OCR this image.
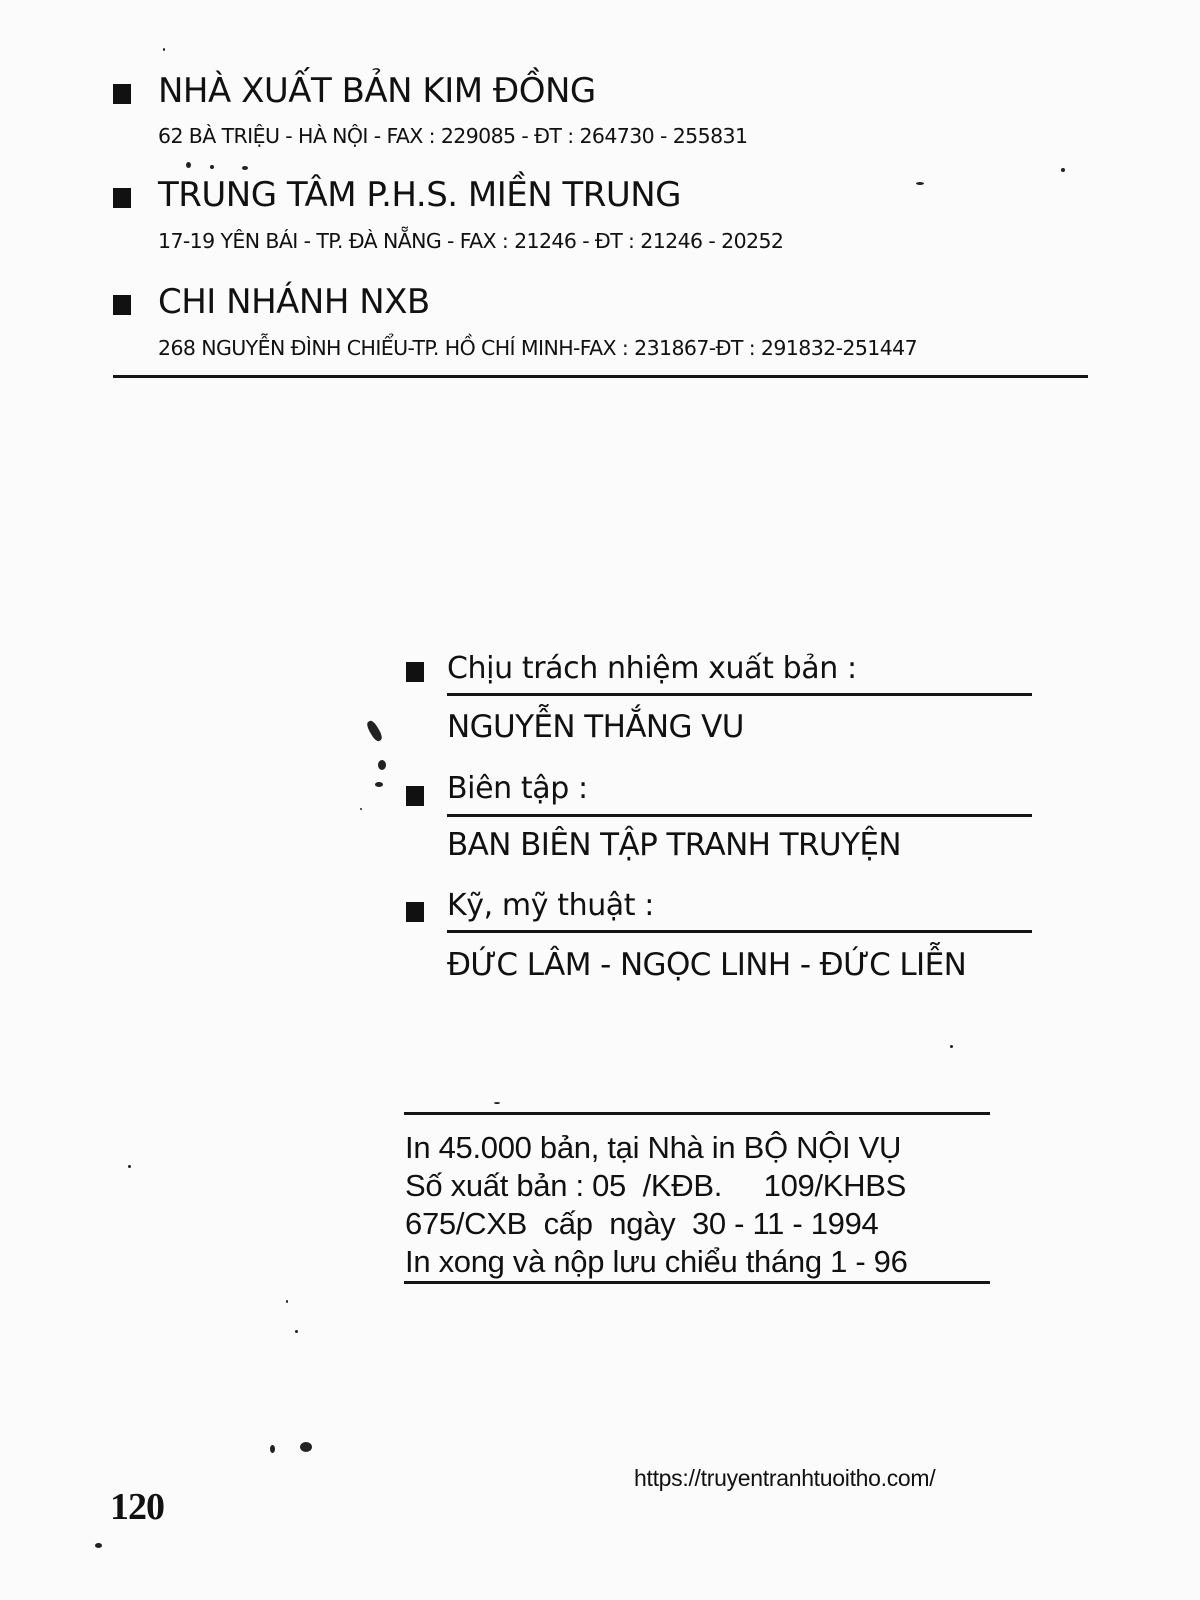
NHÀ XUẤT BẢN KIM ĐỒNG
62 BÀ TRIỆU - HÀ NỘI - FAX : 229085 - ĐT : 264730 - 255831
TRUNG TÂM P.H.S. MIỀN TRUNG
17-19 YÊN BÁI - TP. ĐÀ NẴNG - FAX : 21246 - ĐT : 21246 - 20252
CHI NHÁNH NXB
268 NGUYỄN ĐÌNH CHIỂU-TP. HỒ CHÍ MINH-FAX : 231867-ĐT : 291832-251447
Chịu trách nhiệm xuất bản :
NGUYỄN THẮNG VU
Biên tập :
BAN BIÊN TẬP TRANH TRUYỆN
Kỹ, mỹ thuật :
ĐỨC LÂM - NGỌC LINH - ĐỨC LIỄN
In 45.000 bản, tại Nhà in BỘ NỘI VỤ
Số xuất bản : 05  /KĐB.     109/KHBS
675/CXB  cấp  ngày  30 - 11 - 1994
In xong và nộp lưu chiểu tháng 1 - 96
120
https://truyentranhtuoitho.com/
